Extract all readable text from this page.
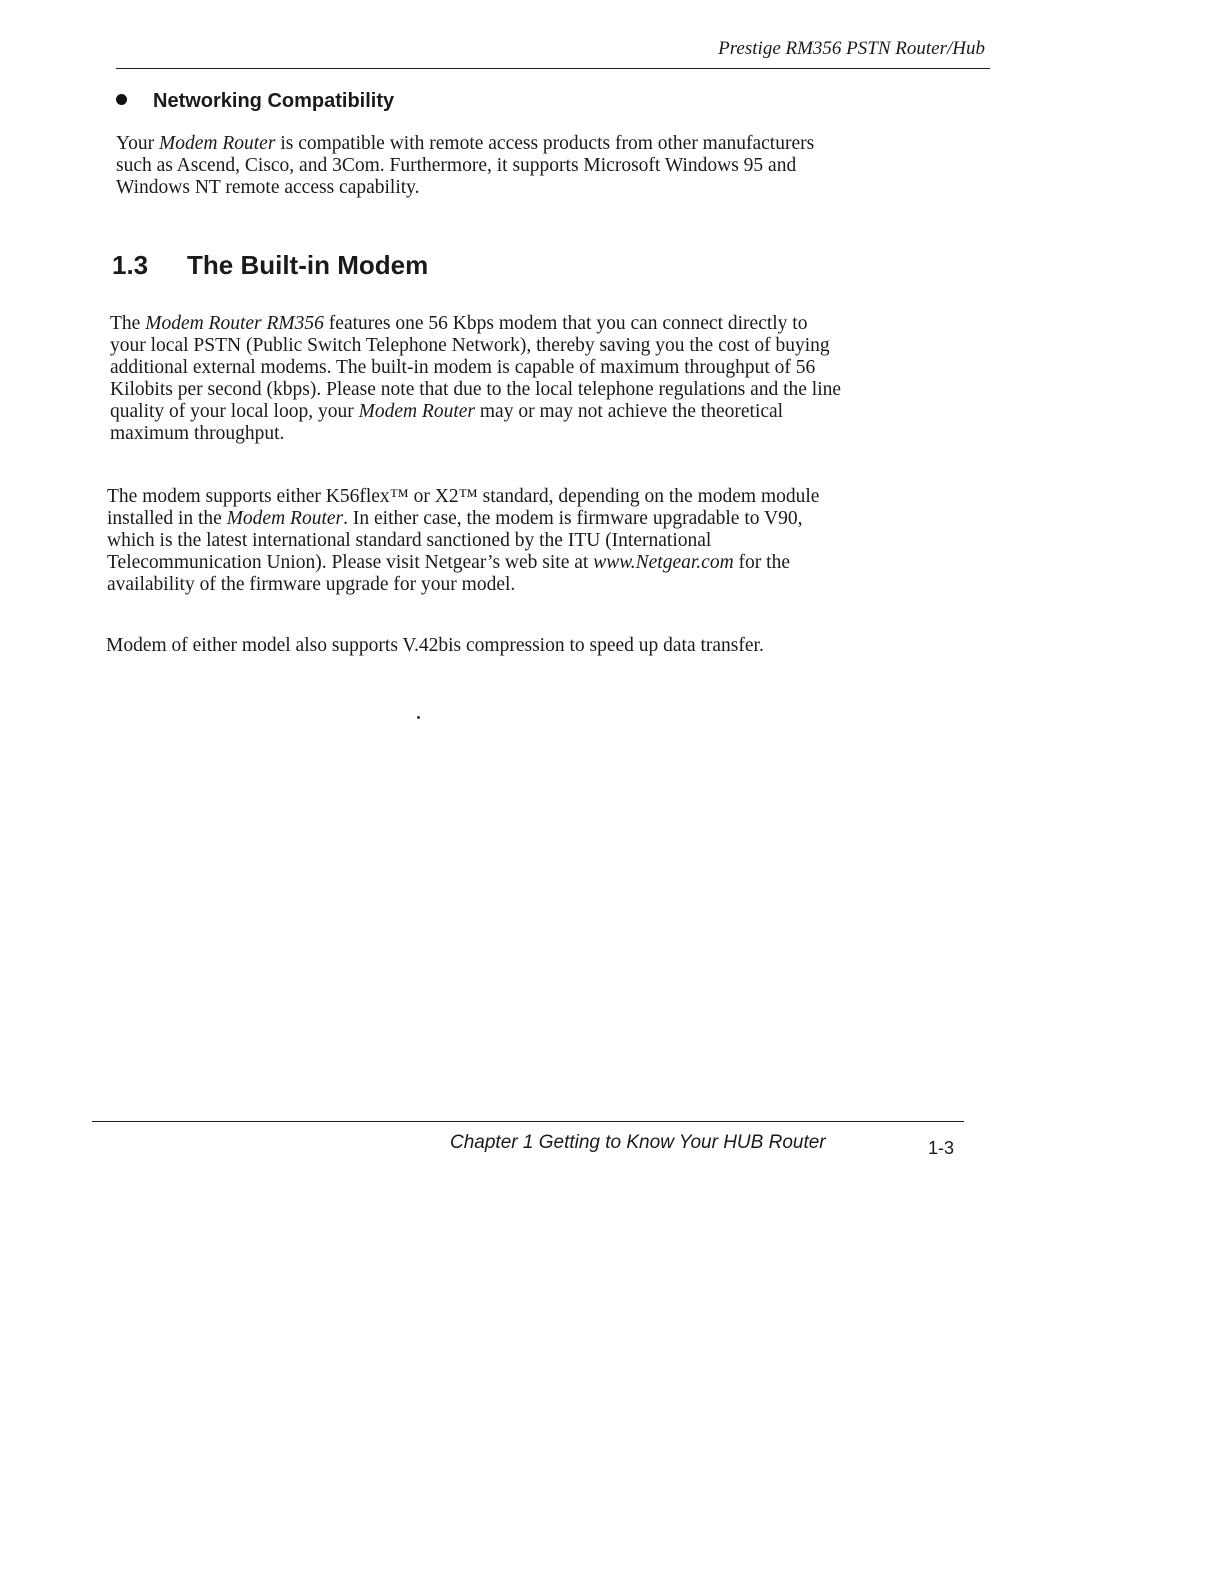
Prestige RM356 PSTN Router/Hub
Networking Compatibility
Your Modem Router is compatible with remote access products from other manufacturers
such as Ascend, Cisco, and 3Com. Furthermore, it supports Microsoft Windows 95 and
Windows NT remote access capability.
1.3 The Built-in Modem
The Modem Router RM356 features one 56 Kbps modem that you can connect directly to
your local PSTN (Public Switch Telephone Network), thereby saving you the cost of buying
additional external modems. The built-in modem is capable of maximum throughput of 56
Kilobits per second (kbps). Please note that due to the local telephone regulations and the line
quality of your local loop, your Modem Router may or may not achieve the theoretical
maximum throughput.
The modem supports either K56flex™ or X2™ standard, depending on the modem module
installed in the Modem Router. In either case, the modem is firmware upgradable to V90,
which is the latest international standard sanctioned by the ITU (International
Telecommunication Union). Please visit Netgear’s web site at www.Netgear.com for the
availability of the firmware upgrade for your model.
Modem of either model also supports V.42bis compression to speed up data transfer.
Chapter 1 Getting to Know Your HUB Router	1-3
